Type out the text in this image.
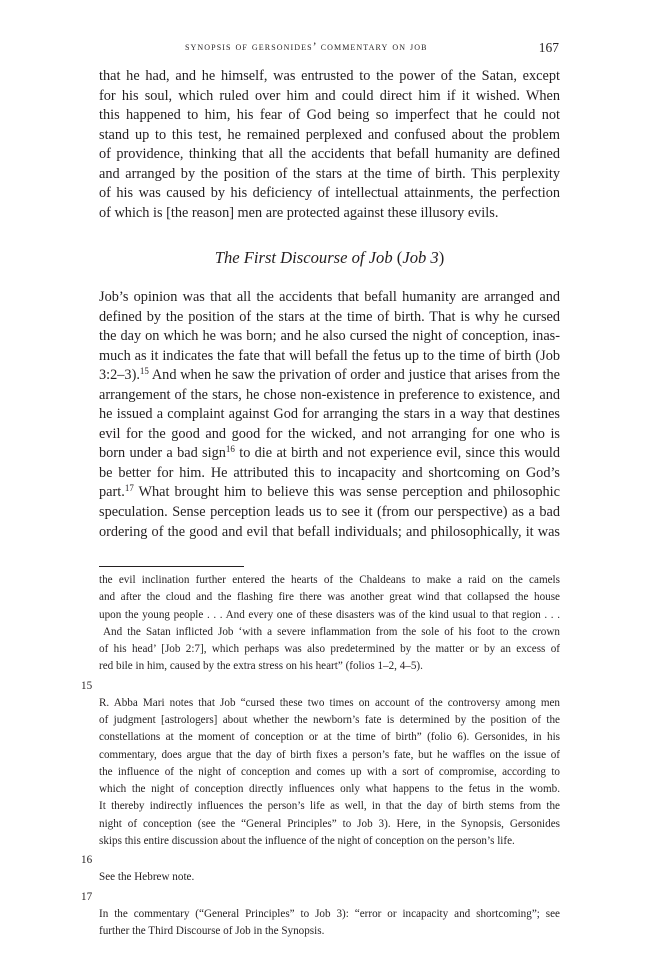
synopsis of gersonides’ commentary on job	167
that he had, and he himself, was entrusted to the power of the Satan, except
for his soul, which ruled over him and could direct him if it wished. When
this happened to him, his fear of God being so imperfect that he could not
stand up to this test, he remained perplexed and confused about the problem
of providence, thinking that all the accidents that befall humanity are defined
and arranged by the position of the stars at the time of birth. This perplexity
of his was caused by his deficiency of intellectual attainments, the perfection
of which is [the reason] men are protected against these illusory evils.
The First Discourse of Job (Job 3)
Job’s opinion was that all the accidents that befall humanity are arranged and
defined by the position of the stars at the time of birth. That is why he cursed
the day on which he was born; and he also cursed the night of conception, inas-
much as it indicates the fate that will befall the fetus up to the time of birth (Job
3:2–3).$^{15}$ And when he saw the privation of order and justice that arises from the
arrangement of the stars, he chose non-existence in preference to existence, and
he issued a complaint against God for arranging the stars in a way that destines
evil for the good and good for the wicked, and not arranging for one who is
born under a bad sign$^{16}$ to die at birth and not experience evil, since this would
be better for him. He attributed this to incapacity and shortcoming on God’s
part.$^{17}$ What brought him to believe this was sense perception and philosophic
speculation. Sense perception leads us to see it (from our perspective) as a bad
ordering of the good and evil that befall individuals; and philosophically, it was
the evil inclination further entered the hearts of the Chaldeans to make a raid on the camels
and after the cloud and the flashing fire there was another great wind that collapsed the house
upon the young people . . . And every one of these disasters was of the kind usual to that region . . .
And the Satan inflicted Job ‘with a severe inflammation from the sole of his foot to the crown
of his head’ [Job 2:7], which perhaps was also predetermined by the matter or by an excess of
red bile in him, caused by the extra stress on his heart” (folios 1–2, 4–5).
15
R. Abba Mari notes that Job “cursed these two times on account of the controversy among men
of judgment [astrologers] about whether the newborn’s fate is determined by the position of the
constellations at the moment of conception or at the time of birth” (folio 6). Gersonides, in his
commentary, does argue that the day of birth fixes a person’s fate, but he waffles on the issue of
the influence of the night of conception and comes up with a sort of compromise, according to
which the night of conception directly influences only what happens to the fetus in the womb.
It thereby indirectly influences the person’s life as well, in that the day of birth stems from the
night of conception (see the “General Principles” to Job 3). Here, in the Synopsis, Gersonides
skips this entire discussion about the influence of the night of conception on the person’s life.
16
See the Hebrew note.
17
In the commentary (“General Principles” to Job 3): “error or incapacity and shortcoming”; see
further the Third Discourse of Job in the Synopsis.
